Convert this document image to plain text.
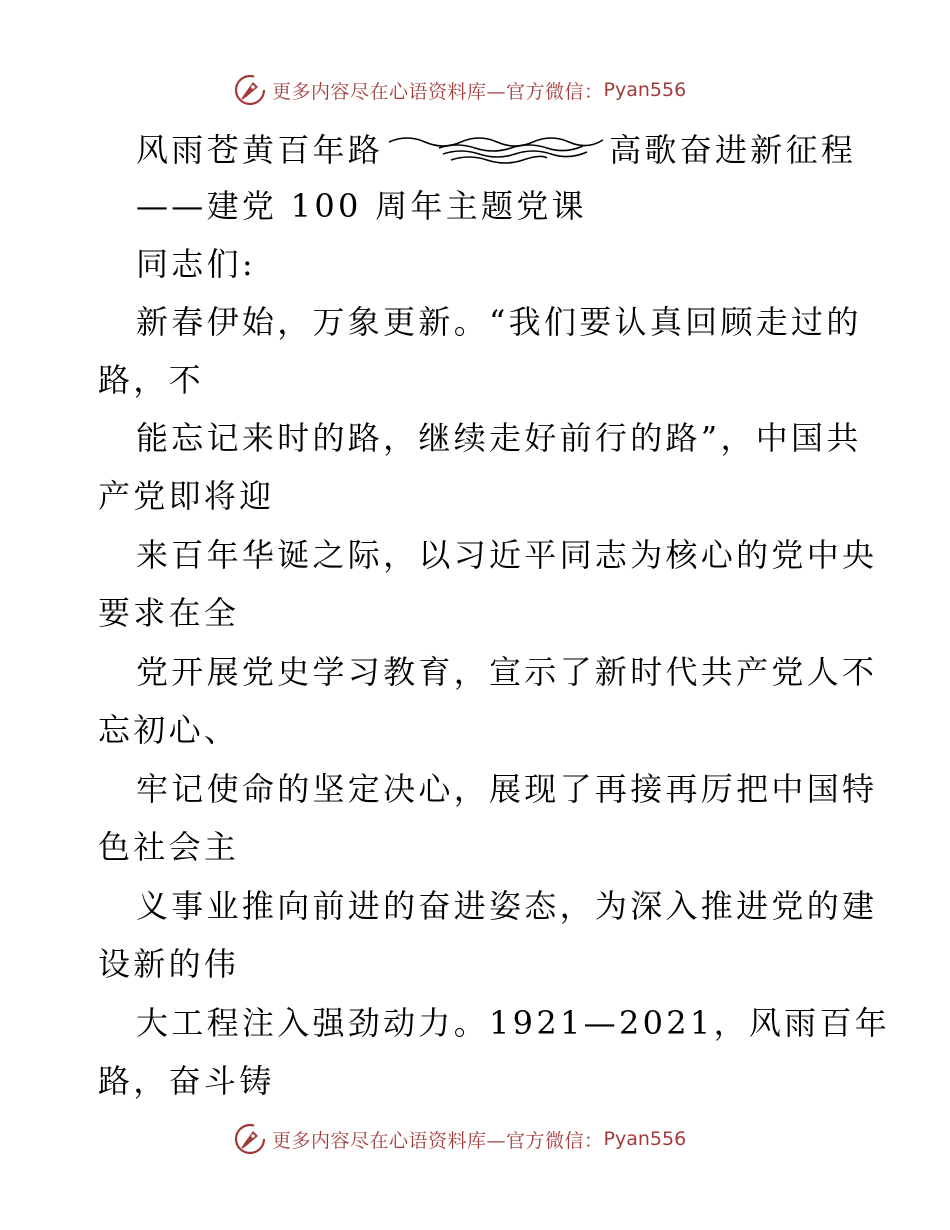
更多内容尽在心语资料库—官方微信： Pyan556
风雨苍黄百年路	高歌奋进新征程
——建党 100 周年主题党课
同志们:
新春伊始，万象更新。“我们要认真回顾走过的
路，不
能忘记来时的路，继续走好前行的路”，中国共
产党即将迎
来百年华诞之际，以习近平同志为核心的党中央
要求在全
党开展党史学习教育，宣示了新时代共产党人不
忘初心、
牢记使命的坚定决心，展现了再接再厉把中国特
色社会主
义事业推向前进的奋进姿态，为深入推进党的建
设新的伟
大工程注入强劲动力。1921—2021，风雨百年
路，奋斗铸
更多内容尽在心语资料库—官方微信： Pyan556
